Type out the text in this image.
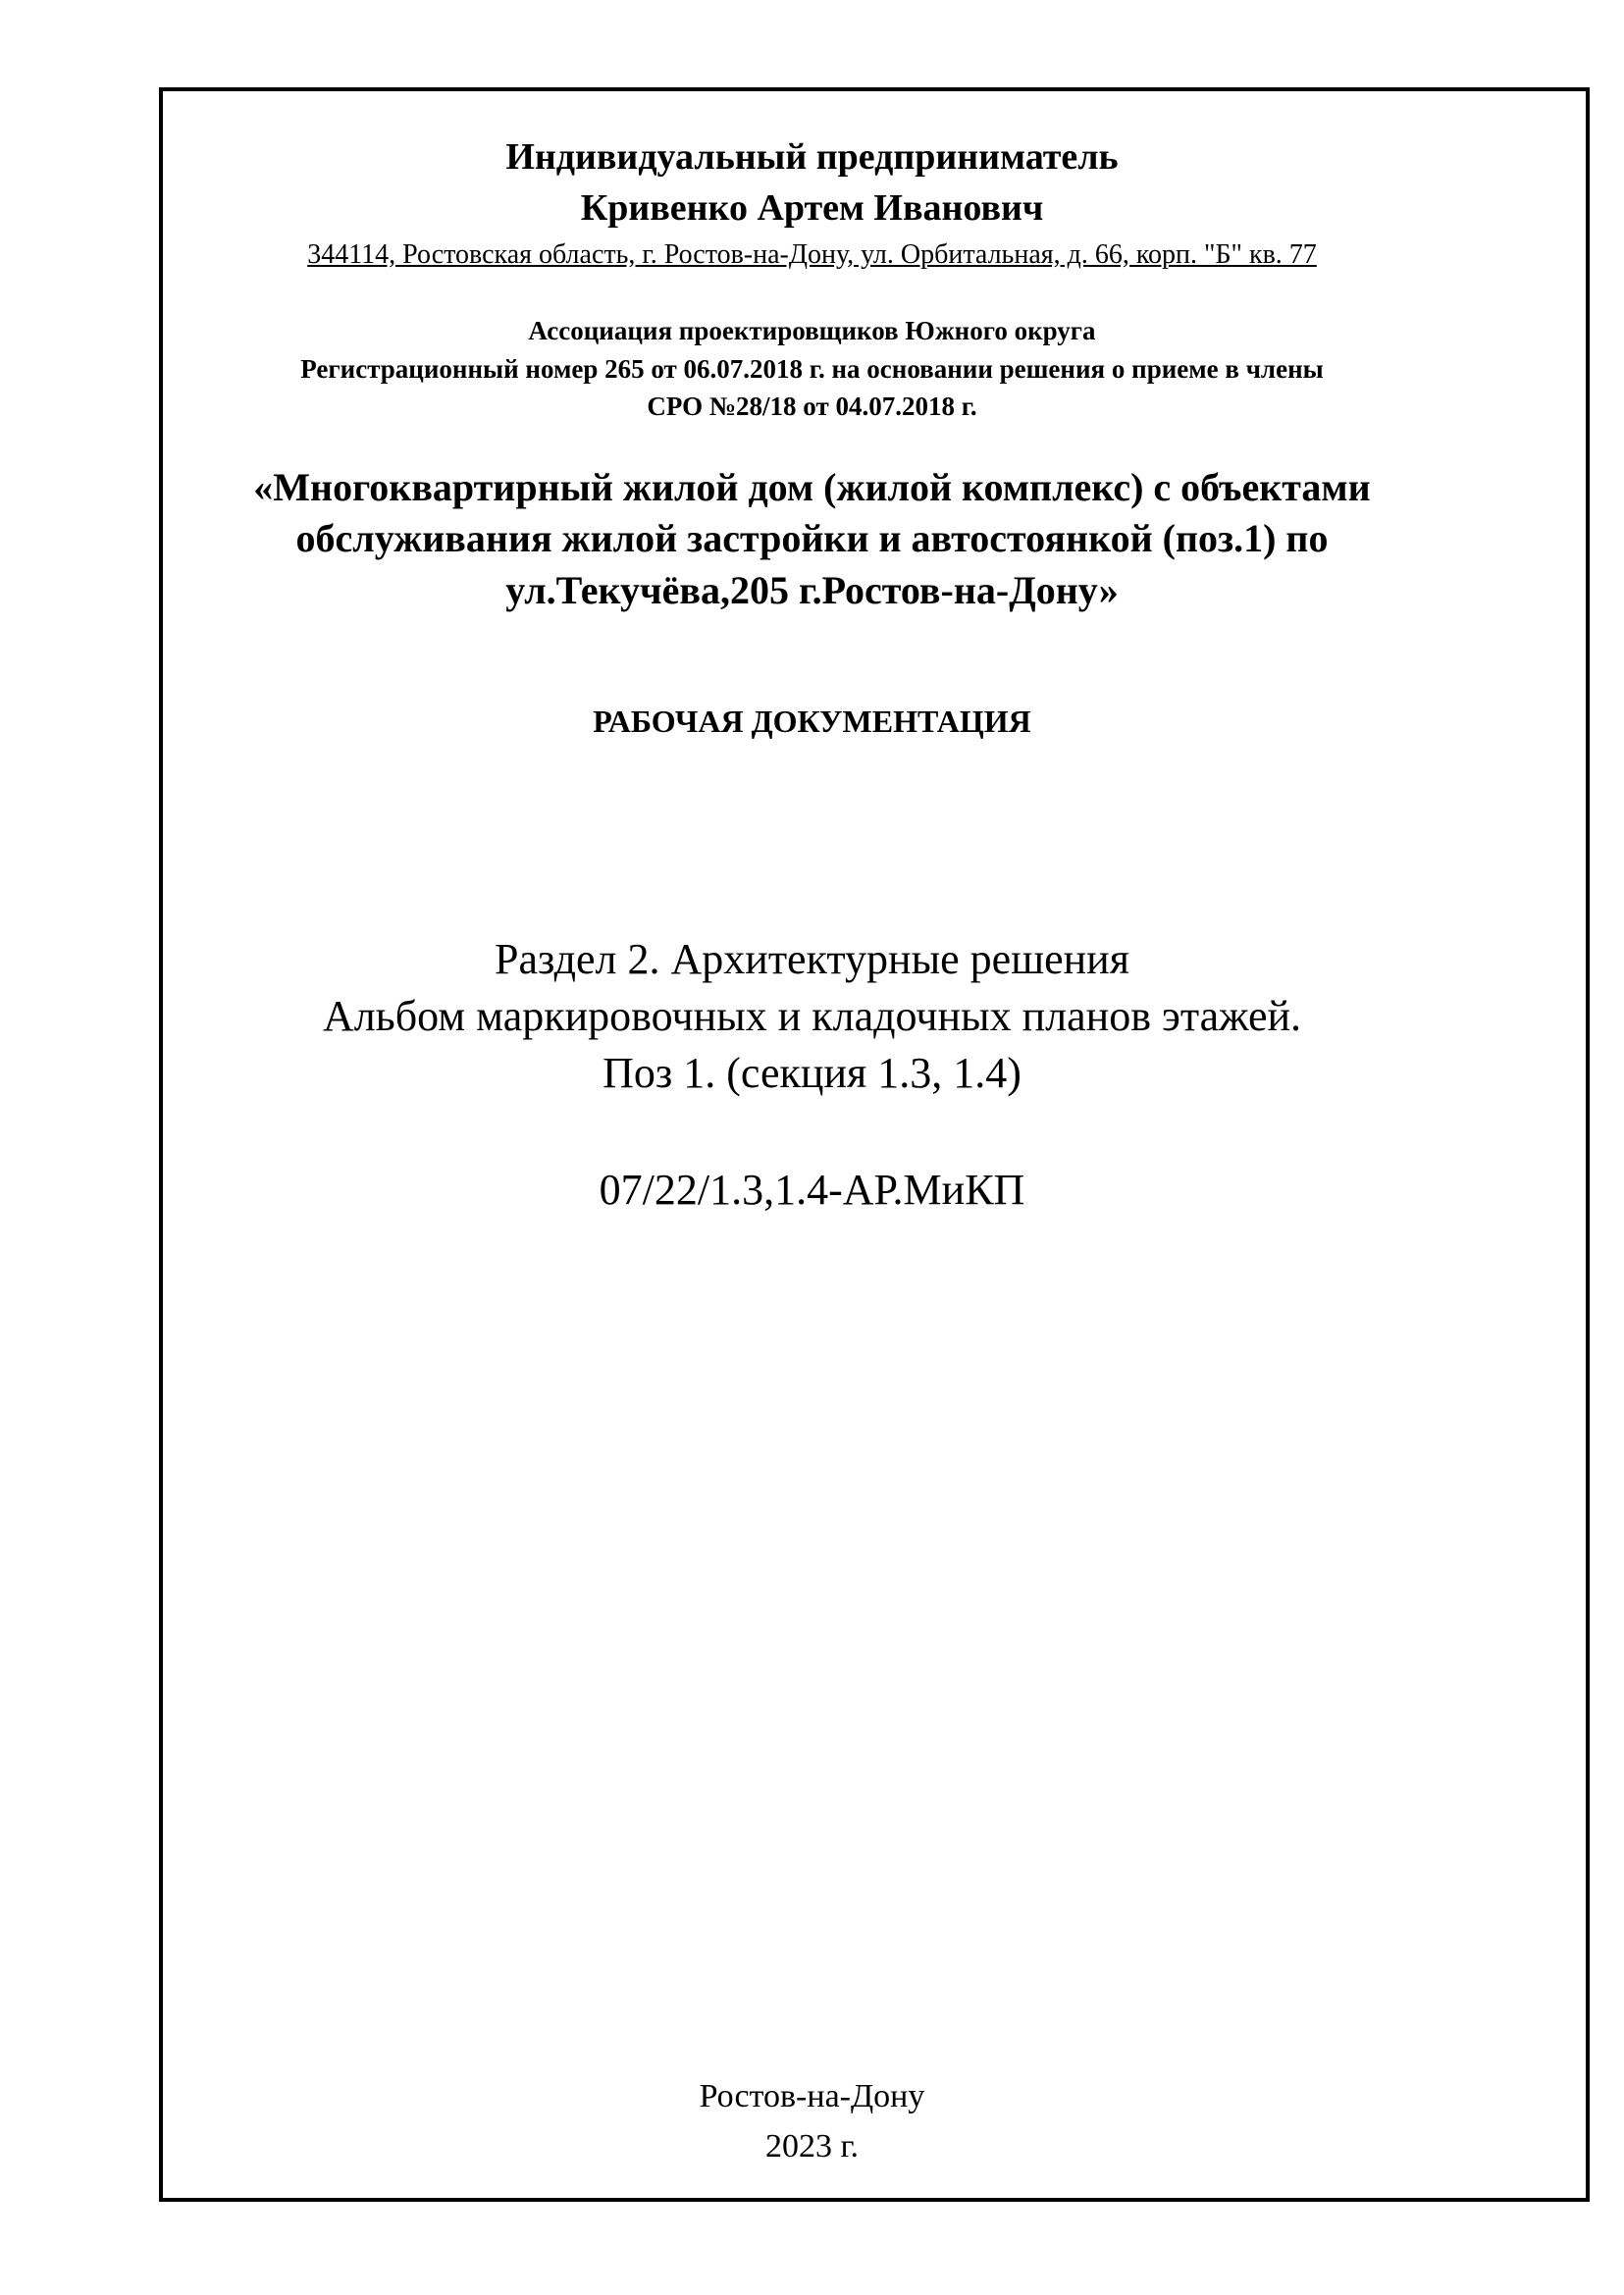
Индивидуальный предприниматель

Кривенко Артем Иванович

344114, Ростовская область, г. Ростов-на-Дону, ул. Орбитальная, д. 66, корп. "Б" кв. 77

Ассоциация проектировщиков Южного округа

Регистрационный номер 265 от 06.07.2018 г. на основании решения о приеме в члены

СРО №28/18 от 04.07.2018 г.

«Многоквартирный жилой дом (жилой комплекс) с объектами

обслуживания жилой застройки и автостоянкой (поз.1) по

ул.Текучёва,205 г.Ростов-на-Дону»

РАБОЧАЯ ДОКУМЕНТАЦИЯ

Раздел 2. Архитектурные решения

Альбом маркировочных и кладочных планов этажей.

Поз 1. (секция 1.3, 1.4)

07/22/1.3,1.4-АР.МиКП

Ростов-на-Дону

2023 г.
